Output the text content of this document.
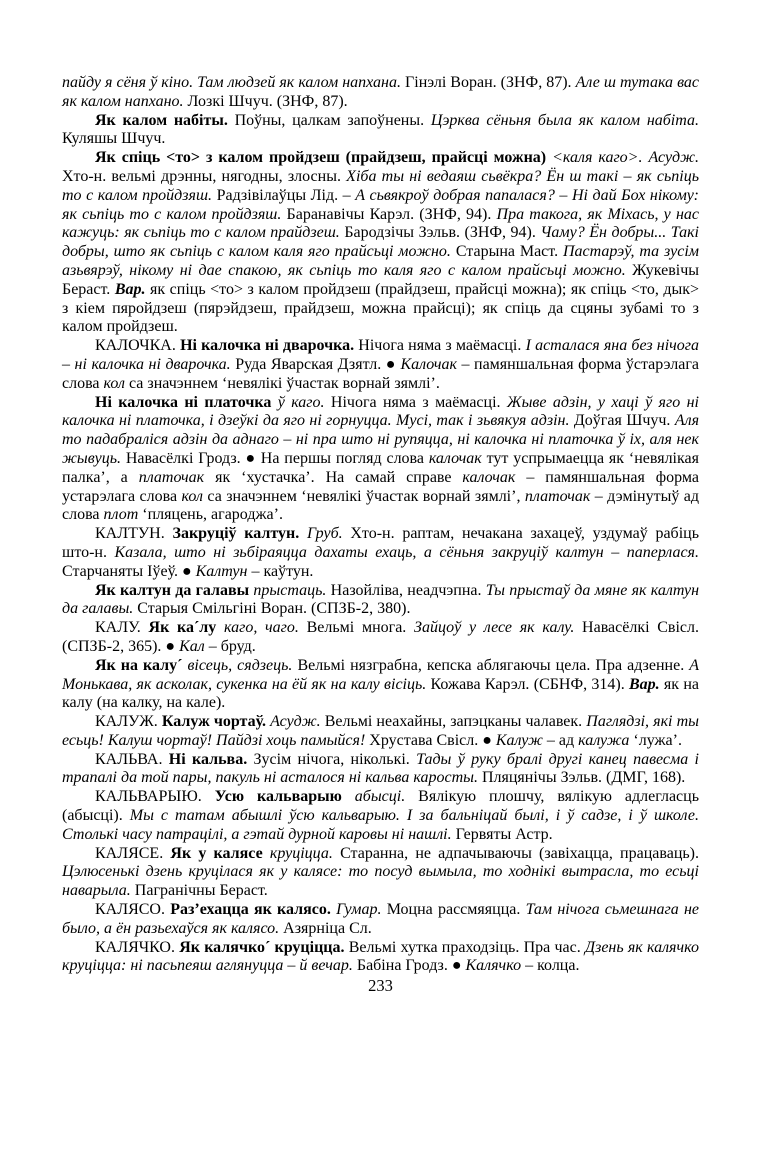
пайду я сёня ў кіно. Там людзей як калом напхана. Гінэлі Воран. (ЗНФ, 87). Але ш тутака вас як калом напхано. Лозкі Шчуч. (ЗНФ, 87).

Як калом набіты. Поўны, цалкам запоўнены. Цэрква сёньня была як калом набіта. Куляшы Шчуч.

Як спіць <то> з калом пройдзеш (прайдзеш, прайсці можна) <каля каго>. Асудж. Хто-н. вельмі дрэнны, нягодны, злосны. Хіба ты ні ведаяш сьвёкра? Ён ш такі – як сьпіць то с калом пройдзяш. Радзівілаўцы Лід. – А сьвякроў добрая папалася? – Ні дай Бох нікому: як сьпіць то с калом пройдзяш. Баранавічы Карэл. (ЗНФ, 94). Пра такога, як Міхась, у нас кажуць: як сьпіць то с калом прайдзеш. Бародзічы Зэльв. (ЗНФ, 94). Чаму? Ён добры... Такі добры, што як сьпіць с калом каля яго прайсьці можно. Старына Маст. Пастарэў, та зусім азьвярэў, нікому ні дае спакою, як сьпіць то каля яго с калом прайсьці можно. Жукевічы Бераст. Вар. як спіць <то> з калом пройдзеш (прайдзеш, прайсці можна); як спіць <то, дык> з кіем пяройдзеш (пярэйдзеш, прайдзеш, можна прайсці); як спіць да сцяны зубамі то з калом пройдзеш.

КАЛОЧКА. Ні калочка ні дварочка. Нічога няма з маёмасці. І асталася яна без нічога – ні калочка ні дварочка. Руда Яварская Дзятл. ● Калочак – памяншальная форма ўстарэлага слова кол са значэннем ‘невялікі ўчастак ворнай зямлі’.

Ні калочка ні платочка ў каго. Нічога няма з маёмасці. Жыве адзін, у хаці ў яго ні калочка ні платочка, і дзеўкі да яго ні горнуцца. Мусі, так і зьвякуя адзін. Доўгая Шчуч. Аля то падабраліся адзін да аднаго – ні пра што ні рупяцца, ні калочка ні платочка ў іх, аля нек жывуць. Навасёлкі Гродз. ● На першы погляд слова калочак тут успрымаецца як ‘невялікая палка’, а платочак як ‘хустачка’. На самай справе калочак – памяншальная форма устарэлага слова кол са значэннем ‘невялікі ўчастак ворнай зямлі’, платочак – дэмінутыў ад слова плот ‘пляцень, агароджа’.

КАЛТУН. Закруціў калтун. Груб. Хто-н. раптам, нечакана захацеў, уздумаў рабіць што-н. Казала, што ні зьбіраяцца дахаты ехаць, а сёньня закруціў калтун – паперлася. Старчаняты Іўеў. ● Калтун – каўтун.

Як калтун да галавы прыстаць. Назойліва, неадчэпна. Ты прыстаў да мяне як калтун да галавы. Старыя Смільгіні Воран. (СПЗБ-2, 380).

КАЛУ. Як ка´лу каго, чаго. Вельмі многа. Зайцоў у лесе як калу. Навасёлкі Свісл. (СПЗБ-2, 365). ● Кал – бруд.

Як на калу´ вісець, сядзець. Вельмі нязграбна, кепска аблягаючы цела. Пра адзенне. А Монькава, як асколак, сукенка на ёй як на калу вісіць. Кожава Карэл. (СБНФ, 314). Вар. як на калу (на калку, на кале).

КАЛУЖ. Калуж чортаў. Асудж. Вельмі неахайны, запэцканы чалавек. Паглядзі, які ты есьць! Калуш чортаў! Пайдзі хоць памыйся! Хрустава Свісл. ● Калуж – ад калужа ‘лужа’.

КАЛЬВА. Ні кальва. Зусім нічога, ніколькі. Тады ў руку бралі другі канец павесма і трапалі да той пары, пакуль ні асталося ні кальва каросты. Пляцянічы Зэльв. (ДМГ, 168).

КАЛЬВАРЫЮ. Усю кальварыю абысці. Вялікую плошчу, вялікую адлегласць (абысці). Мы с татам абышлі ўсю кальварыю. І за бальніцай былі, і ў садзе, і ў школе. Столькі часу патрацілі, а гэтай дурной каровы ні нашлі. Гервяты Астр.

КАЛЯСЕ. Як у калясе круціцца. Старанна, не адпачываючы (завіхацца, працаваць). Цэлюсенькі дзень круцілася як у калясе: то посуд вымыла, то ходнікі вытрасла, то есьці наварыла. Пагранічны Бераст.

КАЛЯСО. Раз’ехацца як калясо. Гумар. Моцна рассмяяцца. Там нічога сьмешнага не было, а ён разьехаўся як калясо. Азярніца Сл.

КАЛЯЧКО. Як калячко´ круціцца. Вельмі хутка праходзіць. Пра час. Дзень як калячко круціцца: ні пасьпеяш аглянуцца – й вечар. Бабіна Гродз. ● Калячко – колца.

233
